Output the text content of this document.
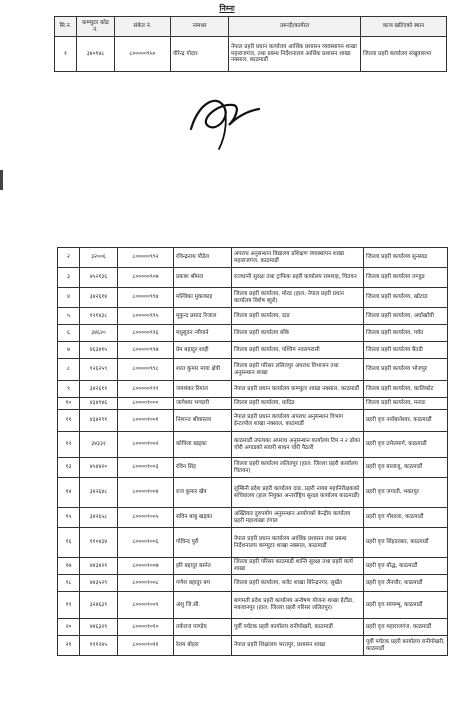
निम्नः
सि.न.	कम्प्युटर कोड नं.	संकेत नं.	नामथर	तरुन्दी/कार्यरत	काज खटिएको स्थान
१	३४०१४८	८०००००९५०	वीरेन्द्र गोदार	नेपाल प्रहरी प्रधान कार्यालय आर्थिक प्रशासन व्यवस्थापन शाखा महाराजगंज, तथा प्रबन्ध निर्देशनालय आर्थिक प्रशासन शाखा नक्साल, काठमाडौं	जिल्ला प्रहरी कार्यालय संखुवासभा
२	३२००६	८०००००९९२	रविन्द्रनाथ पौडेल	अपराध अनुसन्धान विद्यालय प्रशिक्षण व्यवस्थापन शाखा महाराजगंज, काठमाडौं	जिल्ला प्रहरी कार्यालय सुनसाड
३	४५२१३६	८०००००९०७	प्रकाश श्रीमल	राजधानी सुरक्षा तथा ट्राफिक प्रहरी कार्यालय रामशाह, चितवन	जिल्ला प्रहरी कार्यालय तम्जुङ
४	३४२६१४	८०००००९९४	मल्लिका मुकाकाइ	जिल्ला प्रहरी कार्यालय, मोरड (हाल: नेपाल प्रहरी प्रधान कार्यालय विशेष ब्युरो)	जिल्ला प्रहरी कार्यालय, खोटाङ
५	१२१४३८	८०००००९९५	मुकुन्द प्रसाद रिजाल	जिल्ला प्रहरी कार्यालय, दाङ	जिल्ला प्रहरी कार्यालय, अर्घाखाँची
६	३४६२०	८०००००९९६	मधुसुदन न्यौपाने	जिल्ला प्रहरी कार्यालय बाँके	जिल्ला प्रहरी कार्यालय, पर्वत
७	४६३४१५	८०००००९९७	प्रेम बहादुर शाही	जिल्ला प्रहरी कार्यालय, पश्चिम नवलपरासी	जिल्ला प्रहरी कार्यालय बैतडी
८	१२६२५९	८०००००९९८	शरत कुमार माया क्षेत्री	जिल्ला प्रहरी परिसर ललितपुर अपराध विभाजन तथा अनुसन्धान शाखा	जिल्ला प्रहरी कार्यालय भोजपुर
९	३४२६११	८०००००९९९	जयशंकर रिमाल	नेपाल प्रहरी प्रधान कार्यालय कम्प्युटर शाखा नक्साल, काठमाडौं	जिल्ला प्रहरी कार्यालय, कालिकोट
१०	४३४९४६	८००००१०००	जागेश्वर भण्डारी	जिल्ला प्रहरी कार्यालय, धादिङ	जिल्ला प्रहरी कार्यालय, मनाङ
११	४३४२९१	८००००१००१	निशान्त श्रीवास्तव	नेपाल प्रहरी प्रधान कार्यालय अपराध अनुसन्धान विभाग ईन्टरपोल शाखा नक्साल, काठमाडौं	प्रहरी वृत्त नयाँबानेश्वर, काठमाडौं
१२	३४३३२	८००००१००२	कोपिला खड्का	काठमाडौं उपत्यका अपराध अनुसन्धान कार्यालय टिम न.२ ढोका चोरी अगाडको सवारी साधन चोरी पैठारी	प्रहरी वृत्त ठमेलमार्ग, काठमाडौं
१३	४५४४२०	८००००१००३	रविन सिंह	जिल्ला प्रहरी कार्यालय ललितपुर (हाल: जिल्ला प्रहरी कार्यालय चितवन)	प्रहरी वृत्त बालाजु, काठमाडौं
१४	३४२६४८	८००००१००४	राज कुमार खेत्र	लुम्बिनी प्रदेश प्रहरी कार्यालय दाङ, प्रहरी नायब महानिरीक्षकको सचिवालय (हाल नियुक्त अन्तर्राष्ट्रिय सुरक्षा कार्यालय काठमाडौं)	प्रहरी वृत्त जगाती, भक्तपुर
१५	३४२६५८	८००००१००५	सविन बाबु खड्का	अख्तियार दुरुपयोग अनुसन्धान आयोगको केन्द्रीय कार्यालय प्रहरी महाशाखा टंगाल	प्रहरी वृत्त गौशाला, काठमाडौं
१६	११०४३४	८००००१००६	गोविन्द पुरी	नेपाल प्रहरी प्रधान कार्यालय आर्थिक प्रशासन तथा प्रबन्ध निर्देशनालय कम्प्युटर शाखा नक्साल, काठमाडौं	प्रहरी वृत्त सिंहदरबार, काठमाडौं
१७	४४३४२१	८००००१००७	हरि बहादुर बस्नेत	जिल्ला प्रहरी परिसर काठमाडौं शान्ति सुरक्षा तथा प्रहरी कार्य शाखा	प्रहरी वृत्त बौद्ध, काठमाडौं
१८	४४३५२९	८००००१००८	गणेश बहादुर बम	जिल्ला प्रहरी कार्यालय, बजेट शाखा बिरेन्द्रनगर, सुर्खेत	प्रहरी वृत्त लैनचौर, काठमाडौं
१९	३२४६३९	८००००१००९	अंशु जि.सी.	बागमती प्रदेश प्रहरी कार्यालय अन्वेषण योजना शाखा हेटौंडा, मकवानपुर (हाल: जिल्ला प्रहरी परिसर ललितपुर)	प्रहरी वृत्त स्वयम्भू, काठमाडौं
२०	४४६३२९	८००००१०१०	तर्कराज पाण्डेय	पूर्वी पर्यटक प्रहरी कार्यालय रानीपोखरी, काठमाडौं	प्रहरी वृत्त महाराजगंज, काठमाडौं
२१	१११२४५	८००००१०११	रेशम बोहरा	नेपाल प्रहरी शिक्षालय भरतपुर, प्रशासन शाखा	पूर्वी पर्यटक प्रहरी कार्यालय रानीपोखरी, काठमाडौं
